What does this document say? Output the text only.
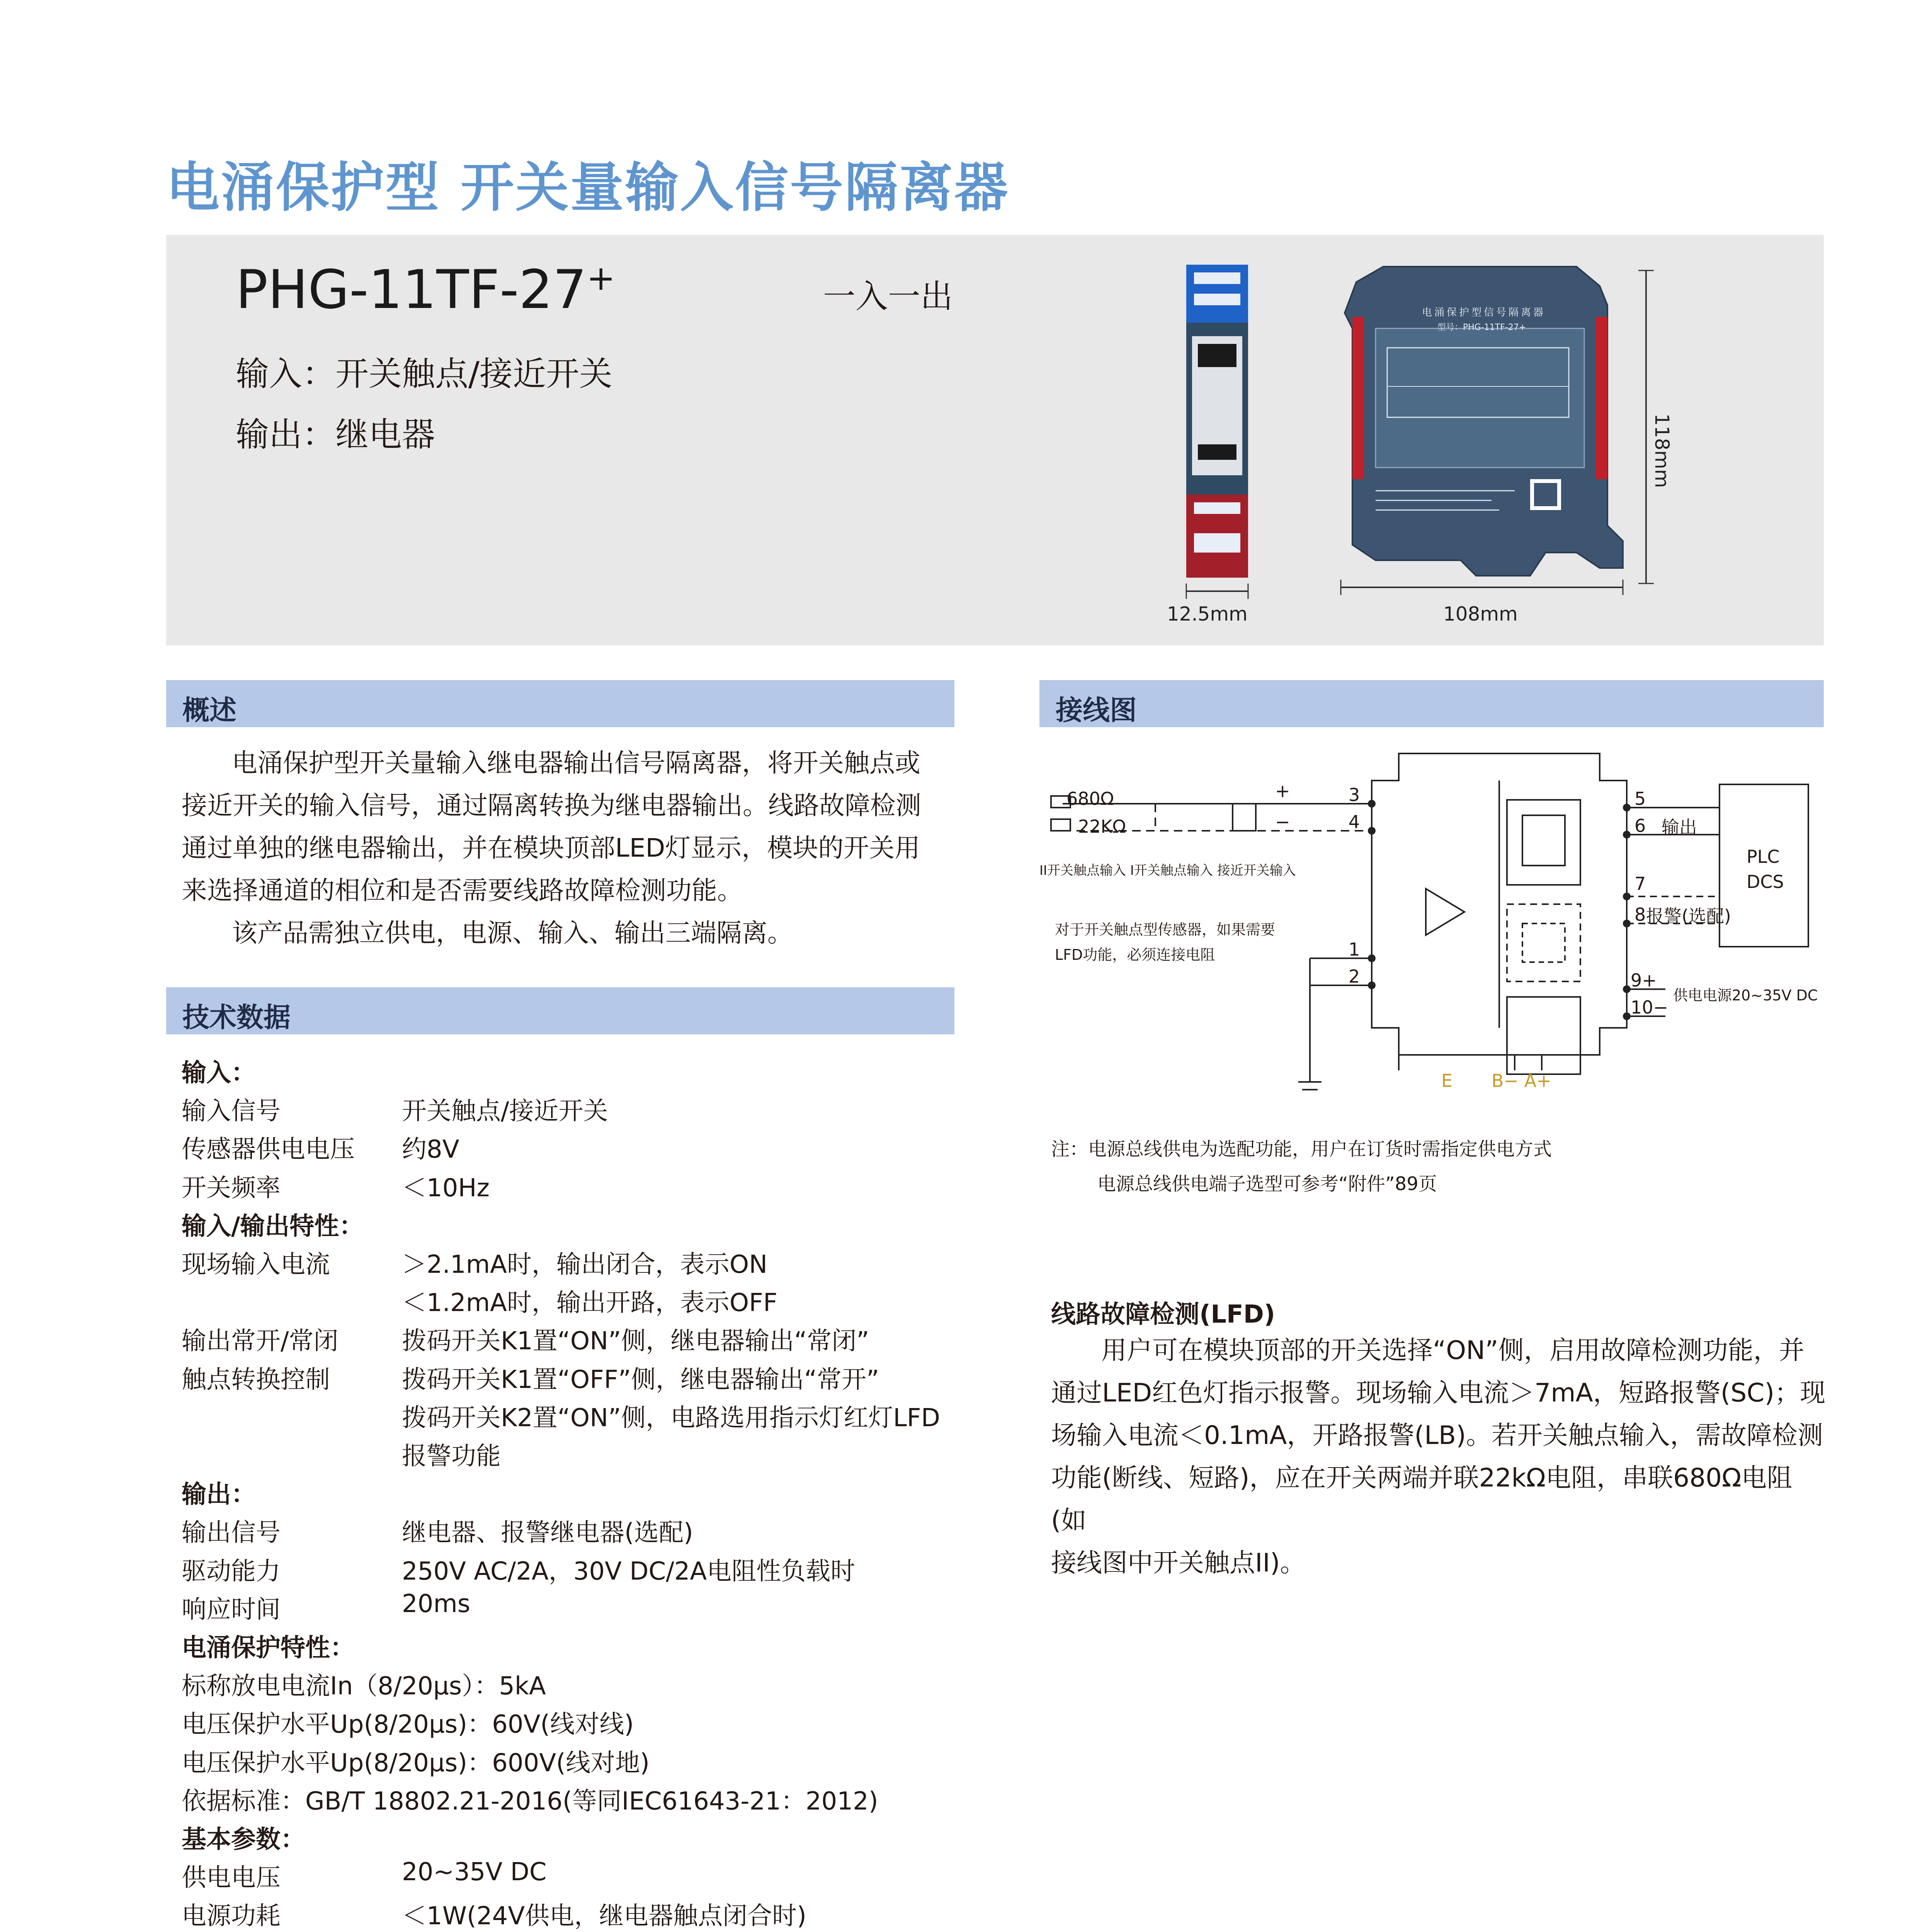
电涌保护型 开关量输入信号隔离器
PHG-11TF-27+	一入一出
输入：开关触点/接近开关
输出：继电器
12.5mm
电涌保护型信号隔离器
型号：PHG-11TF-27+
108mm
118mm
概述
电涌保护型开关量输入继电器输出信号隔离器，将开关触点或
接近开关的输入信号，通过隔离转换为继电器输出。线路故障检测
通过单独的继电器输出，并在模块顶部LED灯显示，模块的开关用
来选择通道的相位和是否需要线路故障检测功能。
该产品需独立供电，电源、输入、输出三端隔离。
技术数据
输入：
输入信号	开关触点/接近开关
传感器供电电压 约8V
开关频率	＜10Hz
输入/输出特性：
现场输入电流	＞2.1mA时，输出闭合，表示ON
＜1.2mA时，输出开路，表示OFF
输出常开/常闭	拨码开关K1置“ON”侧，继电器输出“常闭”
触点转换控制	拨码开关K1置“OFF”侧，继电器输出“常开”
拨码开关K2置“ON”侧，电路选用指示灯红灯LFD
报警功能
输出：
输出信号	继电器、报警继电器(选配)
驱动能力	250V AC/2A，30V DC/2A电阻性负载时
响应时间	20ms
电涌保护特性：
标称放电电流In（8/20μs）：5kA
电压保护水平Up(8/20μs)：60V(线对线)
电压保护水平Up(8/20μs)：600V(线对地)
依据标准：GB/T 18802.21-2016(等同IEC61643-21：2012)
基本参数：
供电电压	20~35V DC
电源功耗	＜1W(24V供电，继电器触点闭合时)
接线图
680Ω
22KΩ
II开关触点输入 I开关触点输入 接近开关输入
对于开关触点型传感器，如果需要
LFD功能，必须连接电阻
+
−
3
4
1
2
5
6 输出
7
8 报警(选配)
PLC
DCS
9+
10−
供电电源20~35V DC
E B− A+
注：电源总线供电为选配功能，用户在订货时需指定供电方式
电源总线供电端子选型可参考“附件”89页
线路故障检测(LFD)
用户可在模块顶部的开关选择“ON”侧，启用故障检测功能，并
通过LED红色灯指示报警。现场输入电流＞7mA，短路报警(SC)；现
场输入电流＜0.1mA，开路报警(LB)。若开关触点输入，需故障检测
功能(断线、短路)，应在开关两端并联22kΩ电阻，串联680Ω电阻(如
接线图中开关触点II)。
